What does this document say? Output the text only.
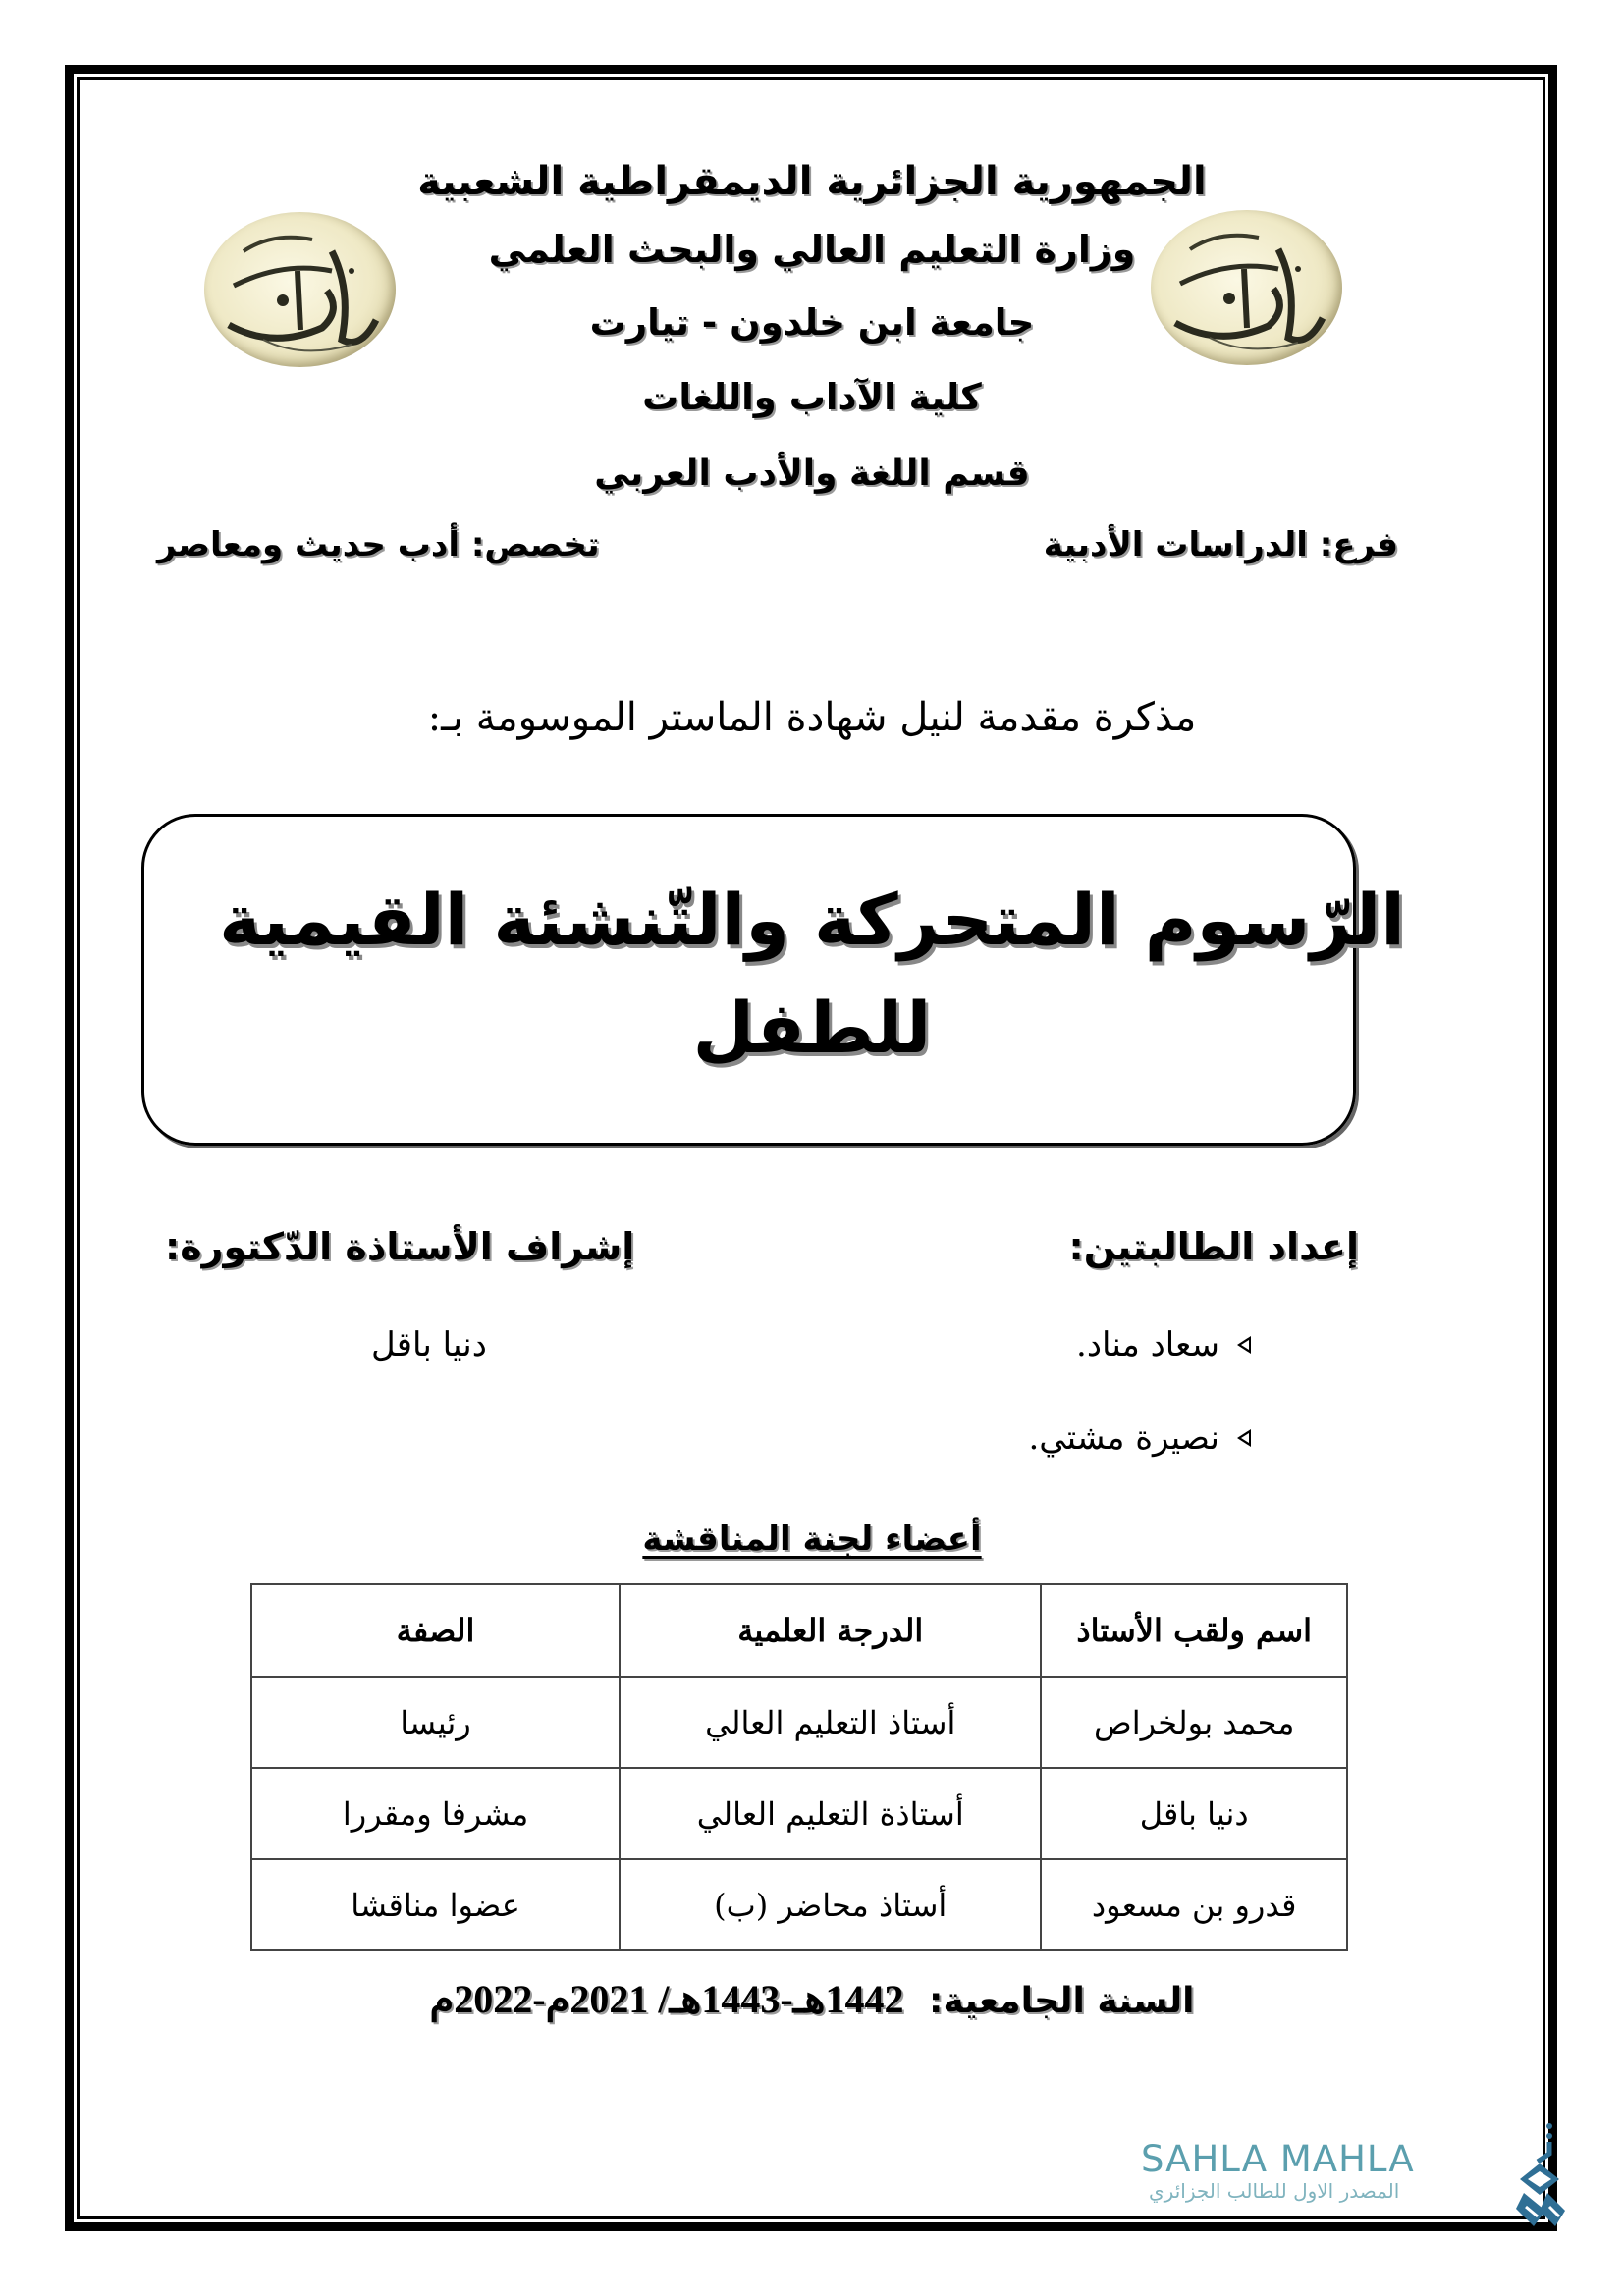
الجمهورية الجزائرية الديمقراطية الشعبية
وزارة التعليم العالي والبحث العلمي
جامعة ابن خلدون - تيارت
كلية الآداب واللغات
قسم اللغة والأدب العربي
فرع: الدراسات الأدبية
تخصص: أدب حديث ومعاصر
مذكرة مقدمة لنيل شهادة الماستر الموسومة بـ:
الرّسوم المتحركة والتّنشئة القيمية
للطفل
إعداد الطالبتين:
إشراف الأستاذة الدّكتورة:
سعاد مناد.
نصيرة مشتي.
دنيا باقل
أعضاء لجنة المناقشة
اسم ولقب الأستاذ	الدرجة العلمية	الصفة
محمد بولخراص	أستاذ التعليم العالي	رئيسا
دنيا باقل	أستاذة التعليم العالي	مشرفا ومقررا
قدرو بن مسعود	أستاذ محاضر (ب)	عضوا مناقشا
السنة الجامعية: 1442هـ-1443هـ/ 2021م-2022م
SAHLA MAHLA
المصدر الاول للطالب الجزائري
